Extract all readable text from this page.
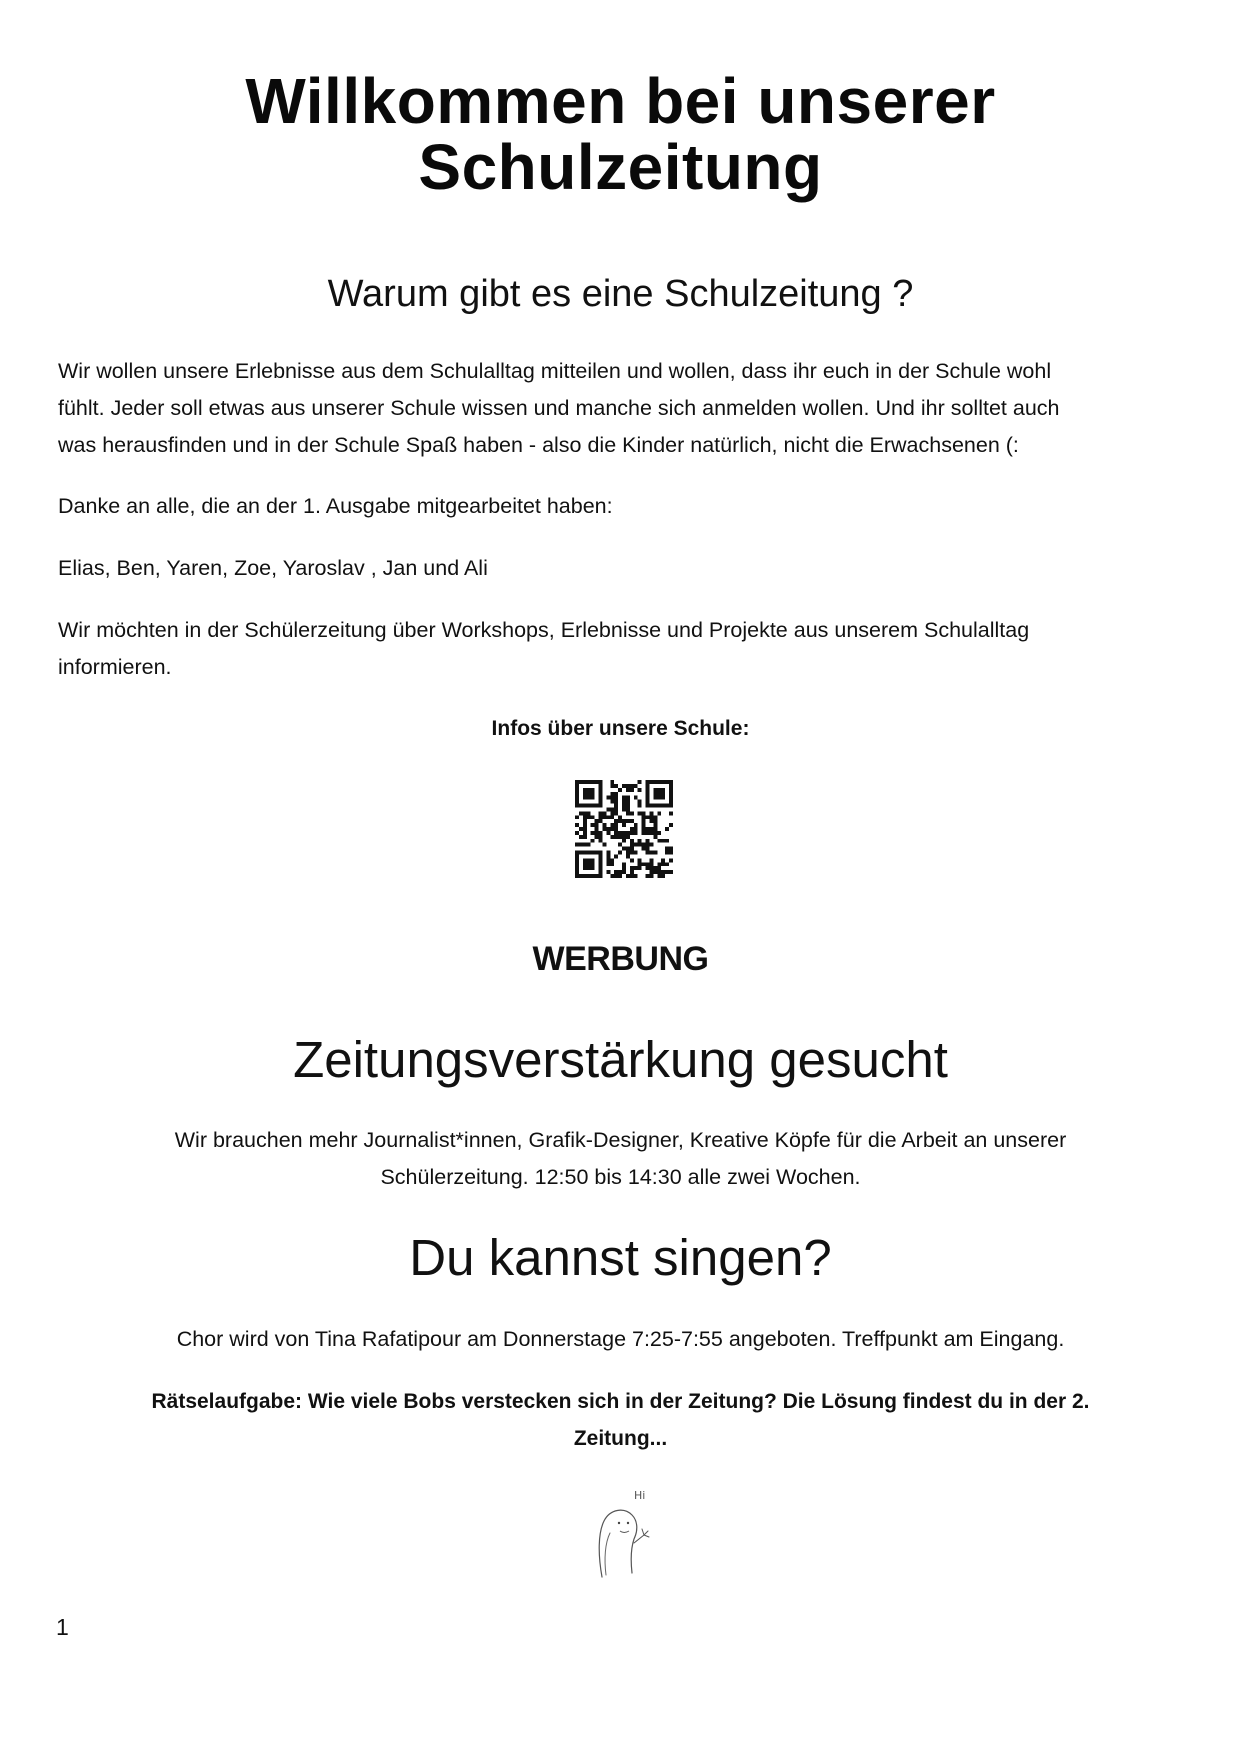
Willkommen bei unserer
Schulzeitung
Warum gibt es eine Schulzeitung ?

Wir wollen unsere Erlebnisse aus dem Schulalltag mitteilen und wollen, dass ihr euch in der Schule wohl
fühlt. Jeder soll etwas aus unserer Schule wissen und manche sich anmelden wollen. Und ihr solltet auch
was herausfinden und in der Schule Spaß haben - also die Kinder natürlich, nicht die Erwachsenen (:

Danke an alle, die an der 1. Ausgabe mitgearbeitet haben:

Elias, Ben, Yaren, Zoe, Yaroslav , Jan und Ali

Wir möchten in der Schülerzeitung über Workshops, Erlebnisse und Projekte aus unserem Schulalltag
informieren.

Infos über unsere Schule:

WERBUNG
Zeitungsverstärkung gesucht

Wir brauchen mehr Journalist*innen, Grafik-Designer, Kreative Köpfe für die Arbeit an unserer
Schülerzeitung. 12:50 bis 14:30 alle zwei Wochen.

Du kannst singen?

Chor wird von Tina Rafatipour am Donnerstage 7:25-7:55 angeboten. Treffpunkt am Eingang.

Rätselaufgabe: Wie viele Bobs verstecken sich in der Zeitung? Die Lösung findest du in der 2.
Zeitung...

Hi

1
